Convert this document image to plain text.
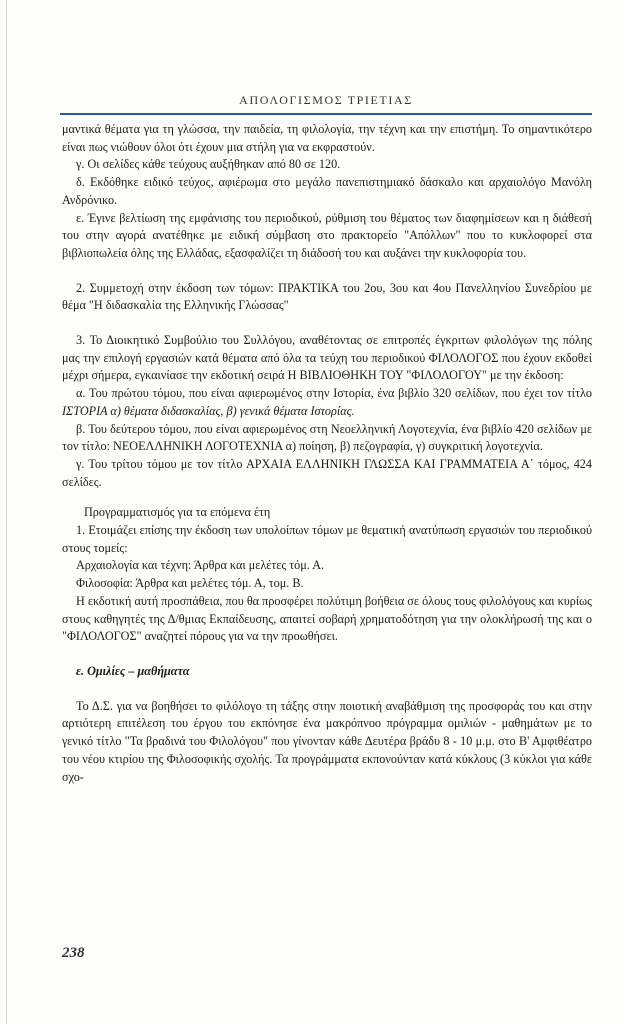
ΑΠΟΛΟΓΙΣΜΟΣ ΤΡΙΕΤΙΑΣ

μαντικά θέματα για τη γλώσσα, την παιδεία, τη φιλολογία, την τέχνη και την επιστήμη. Το σημαντικότερο είναι πως νιώθουν όλοι ότι έχουν μια στήλη για να εκφραστούν.

γ. Οι σελίδες κάθε τεύχους αυξήθηκαν από 80 σε 120.

δ. Εκδόθηκε ειδικό τεύχος, αφιέρωμα στο μεγάλο πανεπιστημιακό δάσκαλο και αρχαιολόγο Μανόλη Ανδρόνικο.

ε. Έγινε βελτίωση της εμφάνισης του περιοδικού, ρύθμιση του θέματος των διαφημίσεων και η διάθεσή του στην αγορά ανατέθηκε με ειδική σύμβαση στο πρακτορείο "Απόλλων" που το κυκλοφορεί στα βιβλιοπωλεία όλης της Ελλάδας, εξασφαλίζει τη διάδοσή του και αυξάνει την κυκλοφορία του.

2. Συμμετοχή στην έκδοση των τόμων: ΠΡΑΚΤΙΚΑ του 2ου, 3ου και 4ου Πανελληνίου Συνεδρίου με θέμα "Η διδασκαλία της Ελληνικής Γλώσσας"

3. Το Διοικητικό Συμβούλιο του Συλλόγου, αναθέτοντας σε επιτροπές έγκριτων φιλολόγων της πόλης μας την επιλογή εργασιών κατά θέματα από όλα τα τεύχη του περιοδικού ΦΙΛΟΛΟΓΟΣ που έχουν εκδοθεί μέχρι σήμερα, εγκαινίασε την εκδοτική σειρά Η ΒΙΒΛΙΟΘΗΚΗ ΤΟΥ "ΦΙΛΟΛΟΓΟΥ" με την έκδοση:

α. Του πρώτου τόμου, που είναι αφιερωμένος στην Ιστορία, ένα βιβλίο 320 σελίδων, που έχει τον τίτλο ΙΣΤΟΡΙΑ α) θέματα διδασκαλίας, β) γενικά θέματα Ιστορίας.

β. Του δεύτερου τόμου, που είναι αφιερωμένος στη Νεοελληνική Λογοτεχνία, ένα βιβλίο 420 σελίδων με τον τίτλο: ΝΕΟΕΛΛΗΝΙΚΗ ΛΟΓΟΤΕΧΝΙΑ α) ποίηση, β) πεζογραφία, γ) συγκριτική λογοτεχνία.

γ. Του τρίτου τόμου με τον τίτλο ΑΡΧΑΙΑ ΕΛΛΗΝΙΚΗ ΓΛΩΣΣΑ ΚΑΙ ΓΡΑΜΜΑΤΕΙΑ Α΄ τόμος, 424 σελίδες.

Προγραμματισμός για τα επόμενα έτη

1. Ετοιμάζει επίσης την έκδοση των υπολοίπων τόμων με θεματική ανατύπωση εργασιών του περιοδικού στους τομείς:

Αρχαιολογία και τέχνη: Άρθρα και μελέτες τόμ. Α.

Φιλοσοφία: Άρθρα και μελέτες τόμ. Α, τομ. Β.

Η εκδοτική αυτή προσπάθεια, που θα προσφέρει πολύτιμη βοήθεια σε όλους τους φιλολόγους και κυρίως στους καθηγητές της Δ/θμιας Εκπαίδευσης, απαιτεί σοβαρή χρηματοδότηση για την ολοκλήρωσή της και ο "ΦΙΛΟΛΟΓΟΣ" αναζητεί πόρους για να την προωθήσει.

ε. Ομιλίες – μαθήματα

Το Δ.Σ. για να βοηθήσει το φιλόλογο τη τάξης στην ποιοτική αναβάθμιση της προσφοράς του και στην αρτιότερη επιτέλεση του έργου του εκπόνησε ένα μακρόπνοο πρόγραμμα ομιλιών - μαθημάτων με το γενικό τίτλο "Τα βραδινά του Φιλολόγου" που γίνονταν κάθε Δευτέρα βράδυ 8 - 10 μ.μ. στο Β' Αμφιθέατρο του νέου κτιρίου της Φιλοσοφικής σχολής. Τα προγράμματα εκπονούνταν κατά κύκλους (3 κύκλοι για κάθε σχο-

238
